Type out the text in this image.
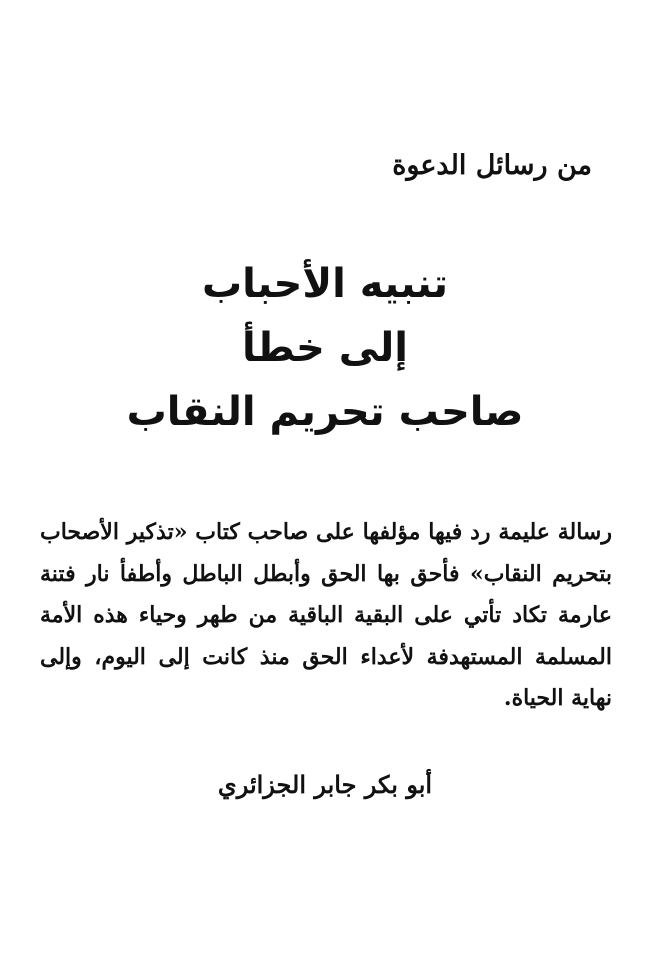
من رسائل الدعوة
تنبيه الأحباب
إلى خطأ
صاحب تحريم النقاب
رسالة عليمة رد فيها مؤلفها على صاحب كتاب «تذكير الأصحاب بتحريم النقاب» فأحق بها الحق وأبطل الباطل وأطفأ نار فتنة عارمة تكاد تأتي على البقية الباقية من طهر وحياء هذه الأمة المسلمة المستهدفة لأعداء الحق منذ كانت إلى اليوم، وإلى نهاية الحياة.
أبو بكر جابر الجزائري
